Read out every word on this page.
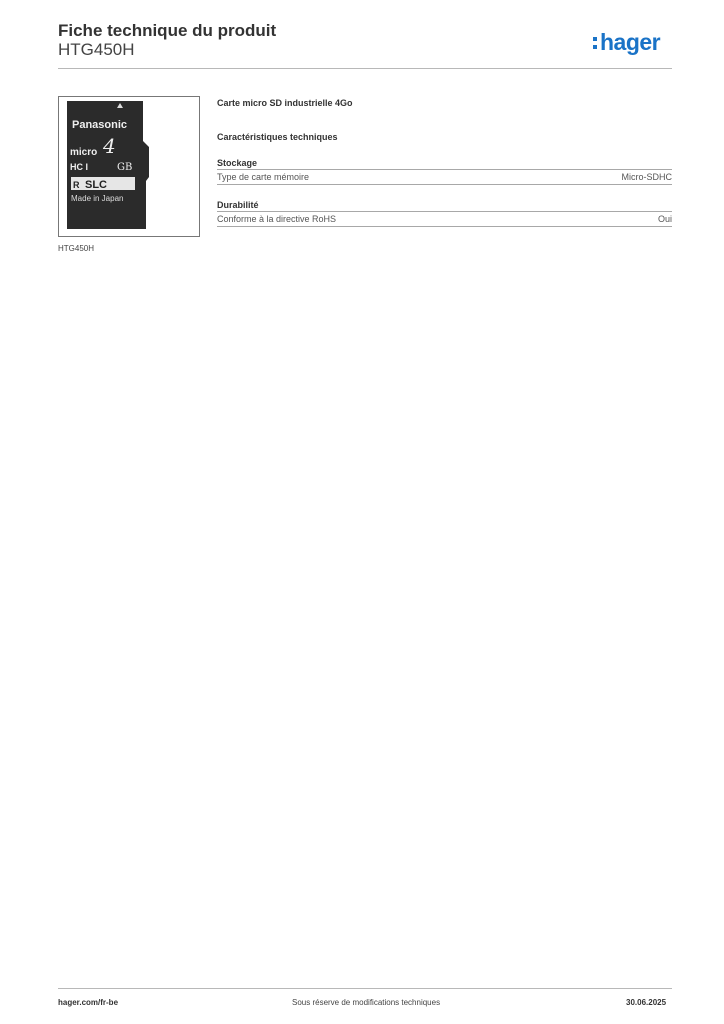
Fiche technique du produit
HTG450H	hager
Panasonic
micro 4
HC I	GB
R SLC
Made in Japan
HTG450H
Carte micro SD industrielle 4Go
Caractéristiques techniques
Stockage
Type de carte mémoire	Micro-SDHC
Durabilité
Conforme à la directive RoHS	Oui
hager.com/fr-be	Sous réserve de modifications techniques	30.06.2025
